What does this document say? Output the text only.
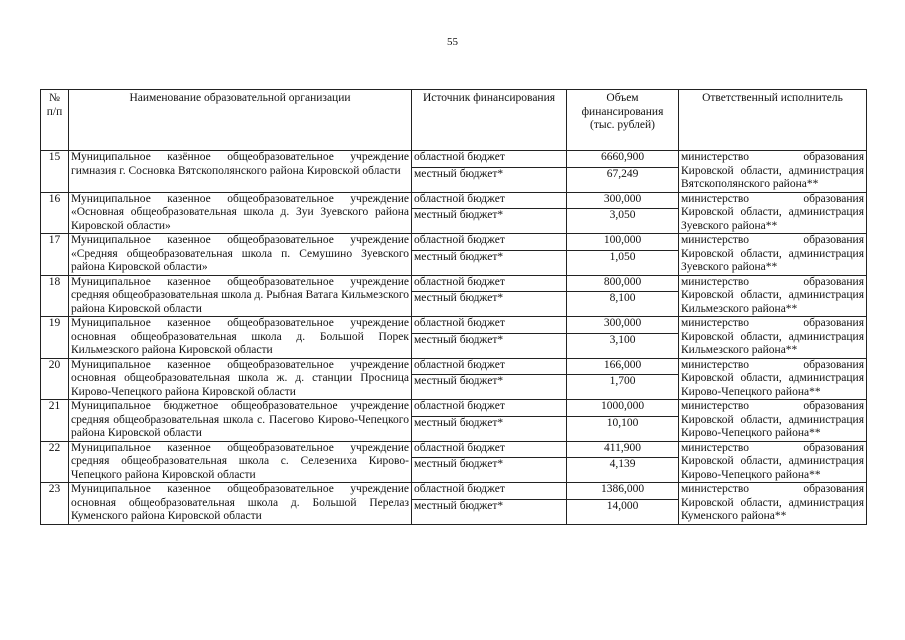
55
№ п/п	Наименование образовательной организации	Источник финансирования	Объем финансирования (тыс. рублей)	Ответственный исполнитель
15	Муниципальное казённое общеобразовательное учреждение гимназия г. Сосновка Вятскополянского района Кировской области	областной бюджет	6660,900	министерство образования Кировской области, администрация Вятскополянского района**
		местный бюджет*	67,249	
16	Муниципальное казенное общеобразовательное учреждение «Основная общеобразовательная школа д. Зуи Зуевского района Кировской области»	областной бюджет	300,000	министерство образования Кировской области, администрация Зуевского района**
		местный бюджет*	3,050	
17	Муниципальное казенное общеобразовательное учреждение «Средняя общеобразовательная школа п. Семушино Зуевского района Кировской области»	областной бюджет	100,000	министерство образования Кировской области, администрация Зуевского района**
		местный бюджет*	1,050	
18	Муниципальное казенное общеобразовательное учреждение средняя общеобразовательная школа д. Рыбная Ватага Кильмезского района Кировской области	областной бюджет	800,000	министерство образования Кировской области, администрация Кильмезского района**
		местный бюджет*	8,100	
19	Муниципальное казенное общеобразовательное учреждение основная общеобразовательная школа д. Большой Порек Кильмезского района Кировской области	областной бюджет	300,000	министерство образования Кировской области, администрация Кильмезского района**
		местный бюджет*	3,100	
20	Муниципальное казенное общеобразовательное учреждение основная общеобразовательная школа ж. д. станции Просница Кирово-Чепецкого района Кировской области	областной бюджет	166,000	министерство образования Кировской области, администрация Кирово-Чепецкого района**
		местный бюджет*	1,700	
21	Муниципальное бюджетное общеобразовательное учреждение средняя общеобразовательная школа с. Пасегово Кирово-Чепецкого района Кировской области	областной бюджет	1000,000	министерство образования Кировской области, администрация Кирово-Чепецкого района**
		местный бюджет*	10,100	
22	Муниципальное казенное общеобразовательное учреждение средняя общеобразовательная школа с. Селезениха Кирово-Чепецкого района Кировской области	областной бюджет	411,900	министерство образования Кировской области, администрация Кирово-Чепецкого района**
		местный бюджет*	4,139	
23	Муниципальное казенное общеобразовательное учреждение основная общеобразовательная школа д. Большой Перелаз Куменского района Кировской области	областной бюджет	1386,000	министерство образования Кировской области, администрация Куменского района**
		местный бюджет*	14,000	
